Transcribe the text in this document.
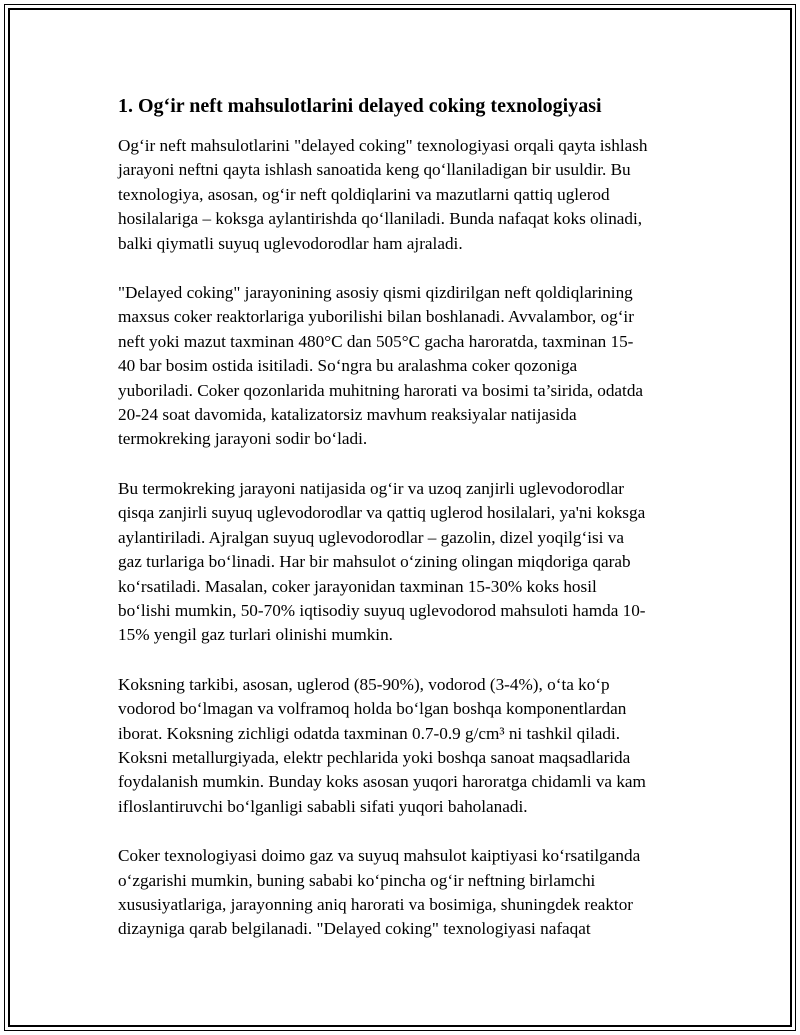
1. Og‘ir neft mahsulotlarini delayed coking texnologiyasi
Og‘ir neft mahsulotlarini "delayed coking" texnologiyasi orqali qayta ishlash
jarayoni neftni qayta ishlash sanoatida keng qo‘llaniladigan bir usuldir. Bu
texnologiya, asosan, og‘ir neft qoldiqlarini va mazutlarni qattiq uglerod
hosilalariga – koksga aylantirishda qo‘llaniladi. Bunda nafaqat koks olinadi,
balki qiymatli suyuq uglevodorodlar ham ajraladi.
"Delayed coking" jarayonining asosiy qismi qizdirilgan neft qoldiqlarining
maxsus coker reaktorlariga yuborilishi bilan boshlanadi. Avvalambor, og‘ir
neft yoki mazut taxminan 480°C dan 505°C gacha haroratda, taxminan 15-
40 bar bosim ostida isitiladi. So‘ngra bu aralashma coker qozoniga
yuboriladi. Coker qozonlarida muhitning harorati va bosimi ta’sirida, odatda
20-24 soat davomida, katalizatorsiz mavhum reaksiyalar natijasida
termokreking jarayoni sodir bo‘ladi.
Bu termokreking jarayoni natijasida og‘ir va uzoq zanjirli uglevodorodlar
qisqa zanjirli suyuq uglevodorodlar va qattiq uglerod hosilalari, ya'ni koksga
aylantiriladi. Ajralgan suyuq uglevodorodlar – gazolin, dizel yoqilg‘isi va
gaz turlariga bo‘linadi. Har bir mahsulot o‘zining olingan miqdoriga qarab
ko‘rsatiladi. Masalan, coker jarayonidan taxminan 15-30% koks hosil
bo‘lishi mumkin, 50-70% iqtisodiy suyuq uglevodorod mahsuloti hamda 10-
15% yengil gaz turlari olinishi mumkin.
Koksning tarkibi, asosan, uglerod (85-90%), vodorod (3-4%), o‘ta ko‘p
vodorod bo‘lmagan va volframoq holda bo‘lgan boshqa komponentlardan
iborat. Koksning zichligi odatda taxminan 0.7-0.9 g/cm³ ni tashkil qiladi.
Koksni metallurgiyada, elektr pechlarida yoki boshqa sanoat maqsadlarida
foydalanish mumkin. Bunday koks asosan yuqori haroratga chidamli va kam
ifloslantiruvchi bo‘lganligi sababli sifati yuqori baholanadi.
Coker texnologiyasi doimo gaz va suyuq mahsulot kaiptiyasi ko‘rsatilganda
o‘zgarishi mumkin, buning sababi ko‘pincha og‘ir neftning birlamchi
xususiyatlariga, jarayonning aniq harorati va bosimiga, shuningdek reaktor
dizayniga qarab belgilanadi. "Delayed coking" texnologiyasi nafaqat
